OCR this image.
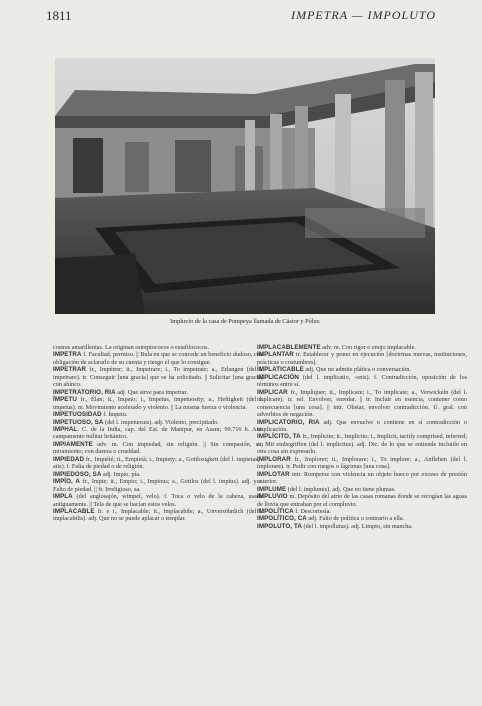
1811	IMPETRA — IMPOLUTO
Impluvio de la casa de Pompeya llamada de Cástor y Pólux
costras amarillentas. La originan estreptococos o estafilococos.
IMPETRA f. Facultad, permiso. || Bula en que se concede un beneficio dudoso, con obligación de aclararlo de su cuenta y riesgo el que lo consigue.
IMPETRAR fr., Impétrer; it., Impetrare; i., To impetrate; a., Erlangen (del l. impetrare). tr. Conseguir [una gracia] que se ha solicitado. || Solicitar [una gracia] con ahínco.
IMPETRATORIO, RIA adj. Que sirve para impetrar.
ÍMPETU fr., Élan; it., Impeto; i., Impetus, impetuosity; a., Heftigkeit (del l. impetus). m. Movimiento acelerado y violento. || La misma fuerza o violencia.
IMPETUOSIDAD f. Ímpetu.
IMPETUOSO, SA (del l. impetuosus). adj. Violento, precipitado.
IMPHAL. C. de la India, cap. del Est. de Manipur, en Asam; 99.716 h. Ant. campamento militar británico.
IMPIAMENTE adv. m. Con impiedad, sin religión. || Sin compasión, sin miramiento; con dureza o crueldad.
IMPIEDAD fr., Impiété; it., Empietà; i., Impiety; a., Gottlosigkeit (del l. impietas, -atis). f. Falta de piedad o de religión.
IMPIEDOSO, SA adj. Impío, pía.
IMPÍO, A fr., Impie; it., Empio; i., Impious; a., Gottlos (del l. impius). adj. y s. Falto de piedad. || fr. Irreligioso, sa.
IMPLA (del anglosajón, wimpel, velo). f. Toca o velo de la cabeza, usado antiguamente. || Tela de que se hacían estos velos.
IMPLACABLE fr. e i., Implacable; it., Implacabile; a., Unversöhnlich (del l. implacabilis). adj. Que no se puede aplacar o templar.
IMPLACABLEMENTE adv. m. Con rigor o enojo implacable.
IMPLANTAR tr. Establecer y poner en ejecución [doctrinas nuevas, instituciones, prácticas o costumbres].
IMPLATICABLE adj. Que no admite plática o conversación.
IMPLICACIÓN (del l. implicatio, -onis). f. Contradicción, oposición de los términos entre sí.
IMPLICAR fr., Impliquer; it., Implicare; i., To implicate; a., Verwickeln (del l. implicare). tr. ref. Envolver, enredar. || tr. Incluir en esencia, contener como consecuencia [una cosa]. || intr. Obstar, envolver contradicción. Ú. gral. con adverbios de negación.
IMPLICATORIO, RIA adj. Que envuelve o contiene en sí contradicción o implicación.
IMPLÍCITO, TA fr., Implicite; it., Implicito; i., Implicit, tacitly comprised, inferred; a., Mit einbegriffen (del l. implicitus). adj. Dic. de lo que se entiende incluido en otra cosa sin expresarlo.
IMPLORAR fr., Implorer; it., Implorare; i., To implore; a., Anflehen (del l. implorare). tr. Pedir con ruegos o lágrimas [una cosa].
IMPLOTAR intr. Romperse con violencia un objeto hueco por exceso de presión exterior.
IMPLUME (del l. implumis). adj. Que no tiene plumas.
IMPLUVIO m. Depósito del atrio de las casas romanas donde se recogían las aguas de lluvia que entraban por el compluvio.
IMPOLÍTICA f. Descortesía.
IMPOLÍTICO, CA adj. Falto de política o contrario a ella.
IMPOLUTO, TA (del l. impollutus). adj. Limpio, sin mancha.
